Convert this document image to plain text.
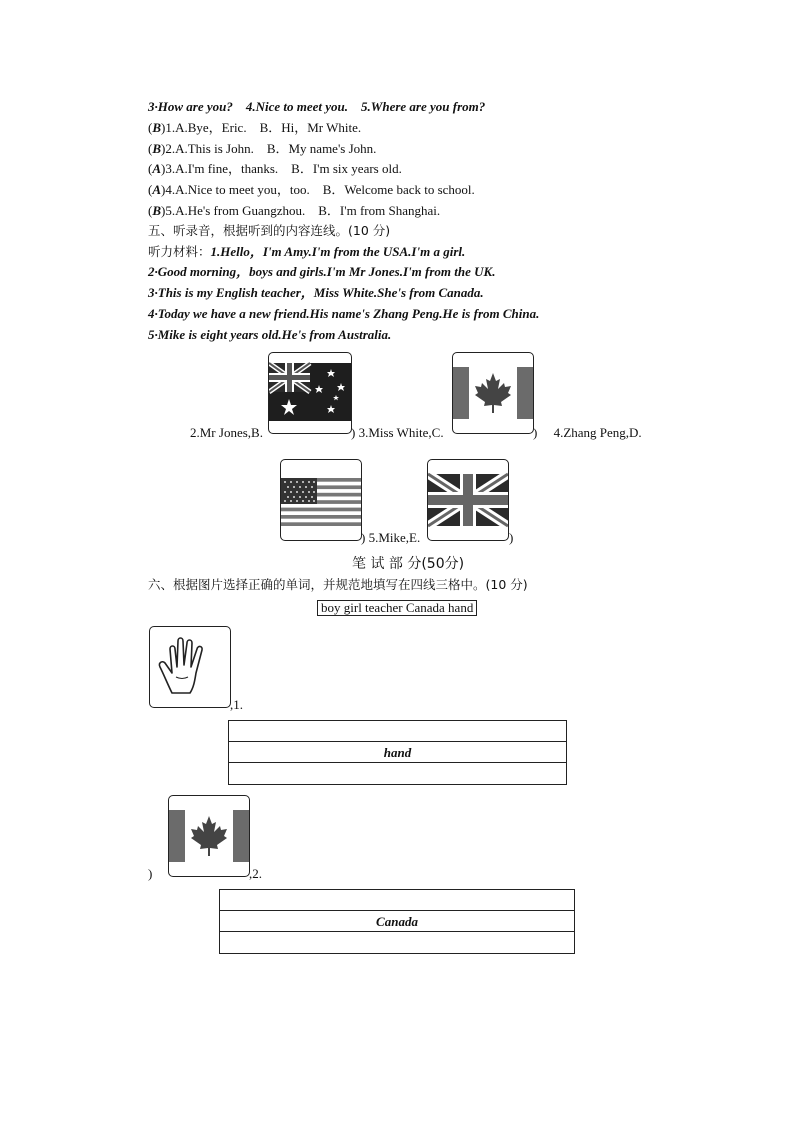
3·How are you?　4.Nice to meet you.　5.Where are you from?
(B)1.A.Bye，Eric.　B．Hi，Mr White.
(B)2.A.This is John.　B．My name's John.
(A)3.A.I'm fine，thanks.　B．I'm six years old.
(A)4.A.Nice to meet you，too.　B．Welcome back to school.
(B)5.A.He's from Guangzhou.　B．I'm from Shanghai.
五、听录音，根据听到的内容连线。(10 分)
听力材料：1.Hello，I'm Amy.I'm from the USA.I'm a girl.
2·Good morning，boys and girls.I'm Mr Jones.I'm from the UK.
3·This is my English teacher，Miss White.She's from Canada.
4·Today we have a new friend.His name's Zhang Peng.He is from China.
5·Mike is eight years old.He's from Australia.
2.Mr Jones,B.	) 3.Miss White,C.	)　 4.Zhang Peng,D.
) 5.Mike,E.	)
笔 试 部 分(50分)
六、根据图片选择正确的单词，并规范地填写在四线三格中。(10 分)
boy girl teacher Canada hand
,1.
hand
)	,2.
Canada
